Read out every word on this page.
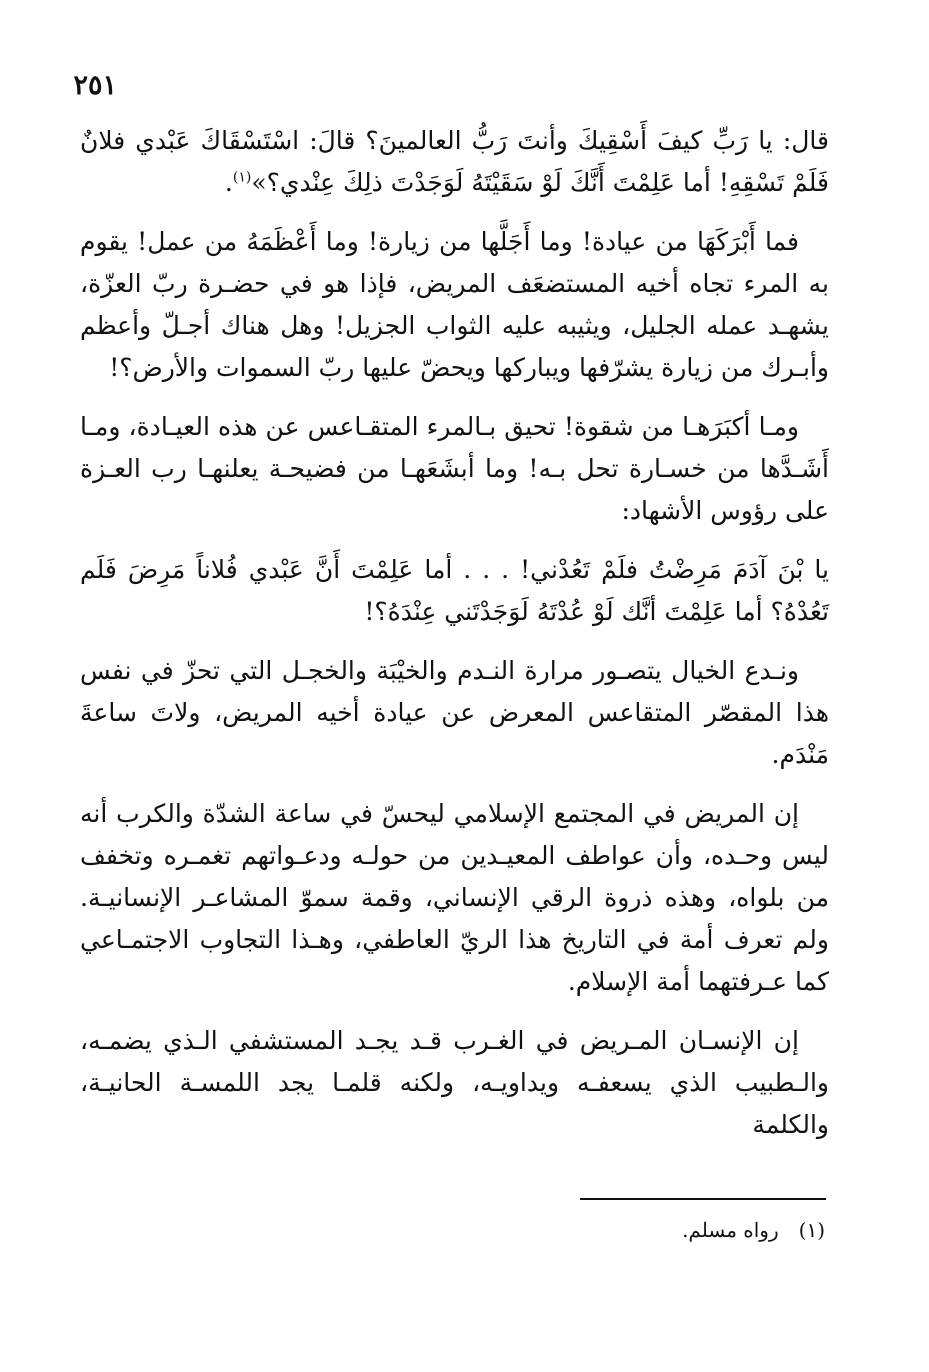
٢٥١

قال: يا رَبِّ كيفَ أَسْقِيكَ وأنتَ رَبُّ العالمينَ؟ قالَ: اسْتَسْقَاكَ عَبْدي فلانٌ فَلَمْ تَسْقِهِ! أما عَلِمْتَ أَنَّكَ لَوْ سَقَيْتَهُ لَوَجَدْتَ ذلِكَ عِنْدي؟»$^{(١)}$.

فما أَبْرَكَهَا من عيادة! وما أَجَلَّها من زيارة! وما أَعْظَمَهُ من عمل! يقوم به المرء تجاه أخيه المستضعَف المريض، فإذا هو في حضـرة ربّ العزّة، يشهـد عمله الجليل، ويثيبه عليه الثواب الجزيل! وهل هناك أجـلّ وأعظم وأبـرك من زيارة يشرّفها ويباركها ويحضّ عليها ربّ السموات والأرض؟!

ومـا أكبَرَهـا من شقوة! تحيق بـالمرء المتقـاعس عن هذه العيـادة، ومـا أَشَـدَّها من خسـارة تحل بـه! وما أبشَعَهـا من فضيحـة يعلنهـا رب العـزة على رؤوس الأشهاد:

يا بْنَ آدَمَ مَرِضْتُ فلَمْ تَعُدْني! . . . أما عَلِمْتَ أَنَّ عَبْدي فُلاناً مَرِضَ فَلَم تَعُدْهُ؟ أما عَلِمْتَ أنَّك لَوْ عُدْتَهُ لَوَجَدْتَني عِنْدَهُ؟!

ونـدع الخيال يتصـور مرارة النـدم والخيْبَة والخجـل التي تحزّ في نفس هذا المقصّر المتقاعس المعرض عن عيادة أخيه المريض، ولاتَ ساعةَ مَنْدَم.

إن المريض في المجتمع الإسلامي ليحسّ في ساعة الشدّة والكرب أنه ليس وحـده، وأن عواطف المعيـدين من حولـه ودعـواتهم تغمـره وتخفف من بلواه، وهذه ذروة الرقي الإنساني، وقمة سموّ المشاعـر الإنسانيـة. ولم تعرف أمة في التاريخ هذا الريّ العاطفي، وهـذا التجاوب الاجتمـاعي كما عـرفتهما أمة الإسلام.

إن الإنسـان المـريض في الغـرب قـد يجـد المستشفي الـذي يضمـه، والـطبيب الذي يسعفـه ويداويـه، ولكنه قلمـا يجد اللمسـة الحانيـة، والكلمة

(١)رواه مسلم.
